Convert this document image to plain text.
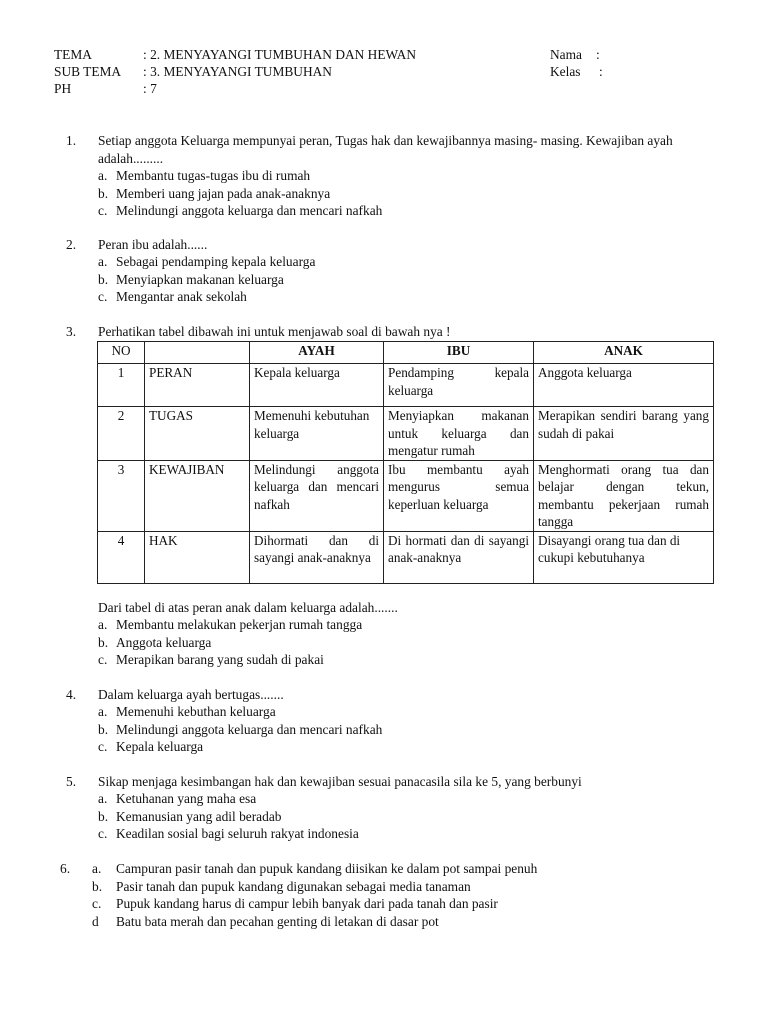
TEMA	: 2. MENYAYANGI TUMBUHAN DAN HEWAN
SUB TEMA : 3. MENYAYANGI TUMBUHAN
PH	: 7
Nama :
Kelas :
1. Setiap anggota Keluarga mempunyai peran, Tugas hak dan kewajibannya masing- masing. Kewajiban ayah adalah.........
a. Membantu tugas-tugas ibu di rumah
b. Memberi uang jajan pada anak-anaknya
c. Melindungi anggota keluarga dan mencari nafkah
2. Peran ibu adalah......
a. Sebagai pendamping kepala keluarga
b. Menyiapkan makanan keluarga
c. Mengantar anak sekolah
3. Perhatikan tabel dibawah ini untuk menjawab soal di bawah nya !
NO		AYAH	IBU	ANAK
1	PERAN	Kepala keluarga	Pendamping kepala keluarga	Anggota keluarga
2	TUGAS	Memenuhi kebutuhan keluarga	Menyiapkan makanan untuk keluarga dan mengatur rumah	Merapikan sendiri barang yang sudah di pakai
3	KEWAJIBAN	Melindungi anggota keluarga dan mencari nafkah	Ibu membantu ayah mengurus semua keperluan keluarga	Menghormati orang tua dan belajar dengan tekun, membantu pekerjaan rumah tangga
4	HAK	Dihormati dan di sayangi anak-anaknya	Di hormati dan di sayangi anak-anaknya	Disayangi orang tua dan di cukupi kebutuhanya
Dari tabel di atas peran anak dalam keluarga adalah.......
a. Membantu melakukan pekerjan rumah tangga
b. Anggota keluarga
c. Merapikan barang yang sudah di pakai
4. Dalam keluarga ayah bertugas.......
a. Memenuhi kebuthan keluarga
b. Melindungi anggota keluarga dan mencari nafkah
c. Kepala keluarga
5. Sikap menjaga kesimbangan hak dan kewajiban sesuai panacasila sila ke 5, yang berbunyi
a. Ketuhanan yang maha esa
b. Kemanusian yang adil beradab
c. Keadilan sosial bagi seluruh rakyat indonesia
6. a. Campuran pasir tanah dan pupuk kandang diisikan ke dalam pot sampai penuh
b. Pasir tanah dan pupuk kandang digunakan sebagai media tanaman
c. Pupuk kandang harus di campur lebih banyak dari pada tanah dan pasir
d Batu bata merah dan pecahan genting di letakan di dasar pot
